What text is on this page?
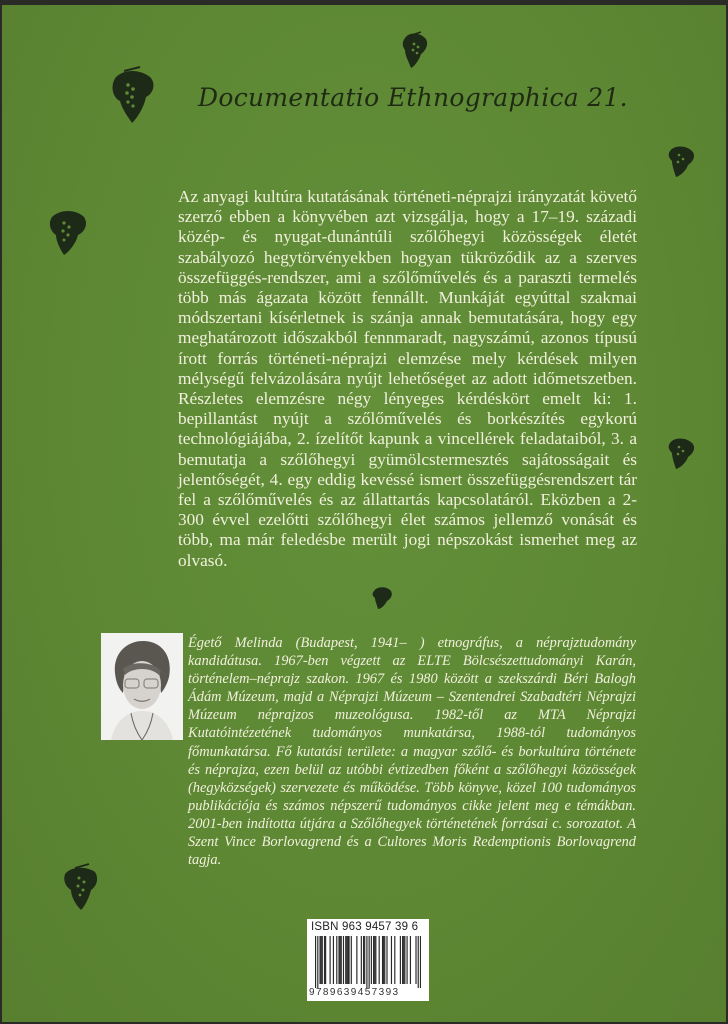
Documentatio Ethnographica 21.
Az anyagi kultúra kutatásának történeti-néprajzi irányzatát követő szerző ebben a könyvében azt vizsgálja, hogy a 17–19. századi közép- és nyugat-dunántúli szőlőhegyi közösségek életét szabályozó hegytörvényekben hogyan tükröződik az a szerves összefüggés-rendszer, ami a szőlőművelés és a paraszti termelés több más ágazata között fennállt. Munkáját egyúttal szakmai módszertani kísérletnek is szánja annak bemutatására, hogy egy meghatározott időszakból fennmaradt, nagyszámú, azonos típusú írott forrás történeti-néprajzi elemzése mely kérdések milyen mélységű felvázolására nyújt lehetőséget az adott időmetszetben. Részletes elemzésre négy lényeges kérdéskört emelt ki: 1. bepillantást nyújt a szőlőművelés és borkészítés egykorú technológiájába, 2. ízelítőt kapunk a vincellérek feladataiból, 3. a bemutatja a szőlőhegyi gyümölcstermesztés sajátosságait és jelentőségét, 4. egy eddig kevéssé ismert összefüggésrendszert tár fel a szőlőművelés és az állattartás kapcsolatáról. Eközben a 2-300 évvel ezelőtti szőlőhegyi élet számos jellemző vonását és több, ma már feledésbe merült jogi népszokást ismerhet meg az olvasó.
Égető Melinda (Budapest, 1941– ) etnográfus, a néprajztudomány kandidátusa. 1967-ben végzett az ELTE Bölcsészettudományi Karán, történelem–néprajz szakon. 1967 és 1980 között a szekszárdi Béri Balogh Ádám Múzeum, majd a Néprajzi Múzeum – Szentendrei Szabadtéri Néprajzi Múzeum néprajzos muzeológusa. 1982-től az MTA Néprajzi Kutatóintézetének tudományos munkatársa, 1988-tól tudományos főmunkatársa. Fő kutatási területe: a magyar szőlő- és borkultúra története és néprajza, ezen belül az utóbbi évtizedben főként a szőlőhegyi közösségek (hegyközségek) szervezete és működése. Több könyve, közel 100 tudományos publikációja és számos népszerű tudományos cikke jelent meg e témákban. 2001-ben indította útjára a Szőlőhegyek történetének forrásai c. sorozatot. A Szent Vince Borlovagrend és a Cultores Moris Redemptionis Borlovagrend tagja.
ISBN 963 9457 39 6
9789639457393
